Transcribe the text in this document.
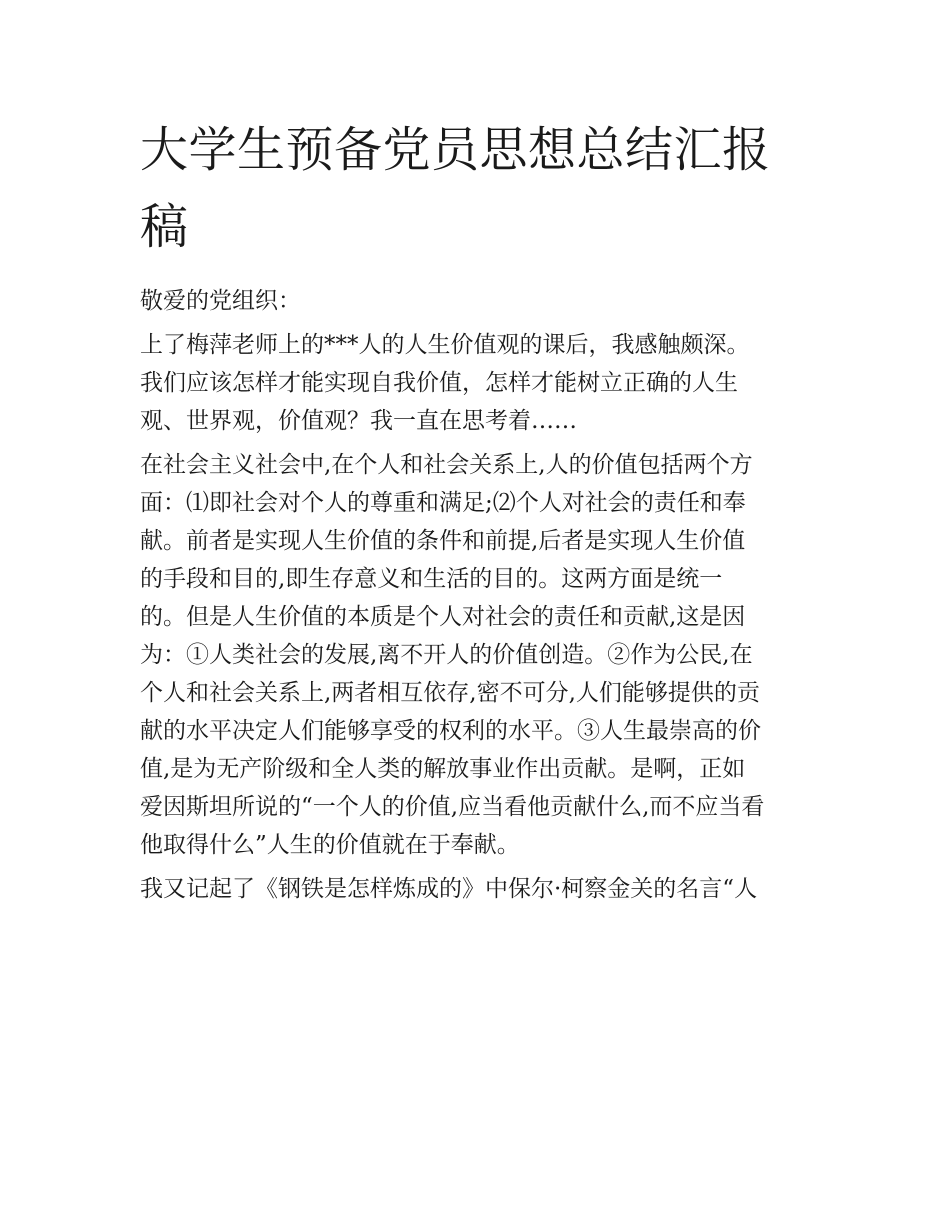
大学生预备党员思想总结汇报
稿
敬爱的党组织：
上了梅萍老师上的***人的人生价值观的课后，我感触颇深。
我们应该怎样才能实现自我价值，怎样才能树立正确的人生
观、世界观，价值观？我一直在思考着……
在社会主义社会中,在个人和社会关系上,人的价值包括两个方
面：⑴即社会对个人的尊重和满足;⑵个人对社会的责任和奉
献。前者是实现人生价值的条件和前提,后者是实现人生价值
的手段和目的,即生存意义和生活的目的。这两方面是统一
的。但是人生价值的本质是个人对社会的责任和贡献,这是因
为：①人类社会的发展,离不开人的价值创造。②作为公民,在
个人和社会关系上,两者相互依存,密不可分,人们能够提供的贡
献的水平决定人们能够享受的权利的水平。③人生最崇高的价
值,是为无产阶级和全人类的解放事业作出贡献。是啊，正如
爱因斯坦所说的“一个人的价值,应当看他贡献什么,而不应当看
他取得什么”人生的价值就在于奉献。
我又记起了《钢铁是怎样炼成的》中保尔·柯察金关的名言“人
